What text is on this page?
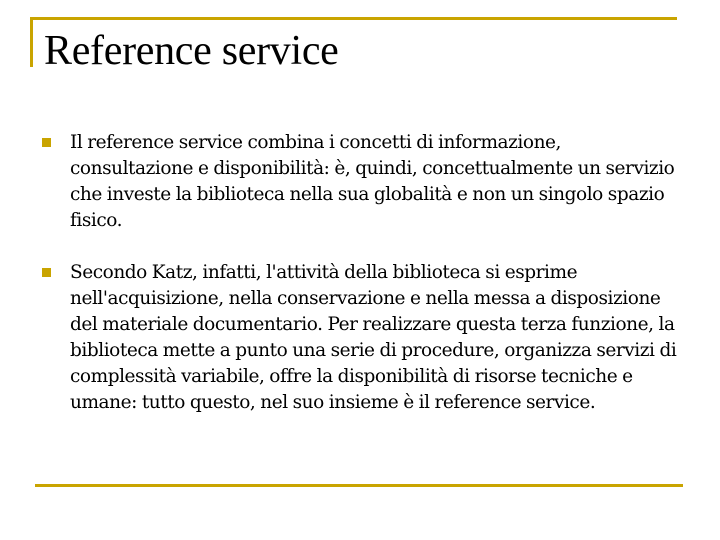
Reference service
Il reference service combina i concetti di informazione, consultazione e disponibilità: è, quindi, concettualmente un servizio che investe la biblioteca nella sua globalità e non un singolo spazio fisico.
Secondo Katz, infatti, l'attività della biblioteca si esprime nell'acquisizione, nella conservazione e nella messa a disposizione del materiale documentario. Per realizzare questa terza funzione, la biblioteca mette a punto una serie di procedure, organizza servizi di complessità variabile, offre la disponibilità di risorse tecniche e umane: tutto questo, nel suo insieme è il reference service.
